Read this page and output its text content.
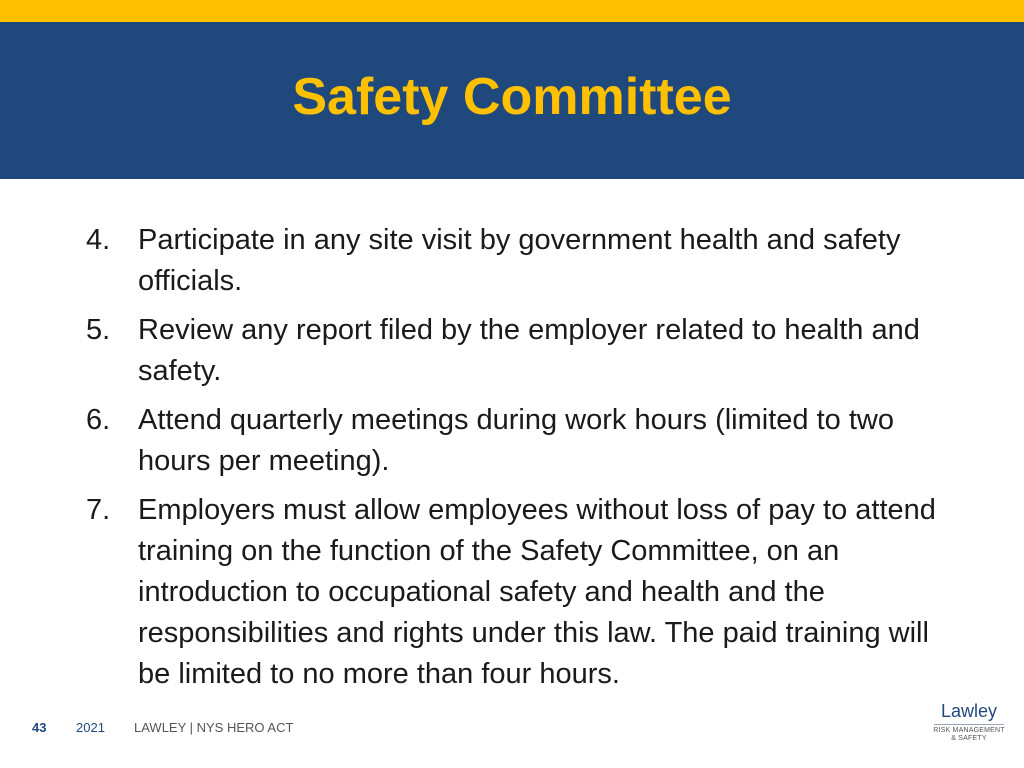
Safety Committee
4. Participate in any site visit by government health and safety officials.
5. Review any report filed by the employer related to health and safety.
6. Attend quarterly meetings during work hours (limited to two hours per meeting).
7. Employers must allow employees without loss of pay to attend training on the function of the Safety Committee, on an introduction to occupational safety and health and the responsibilities and rights under this law. The paid training will be limited to no more than four hours.
43 2021 LAWLEY | NYS HERO ACT
Lawley
RISK MANAGEMENT
& SAFETY
